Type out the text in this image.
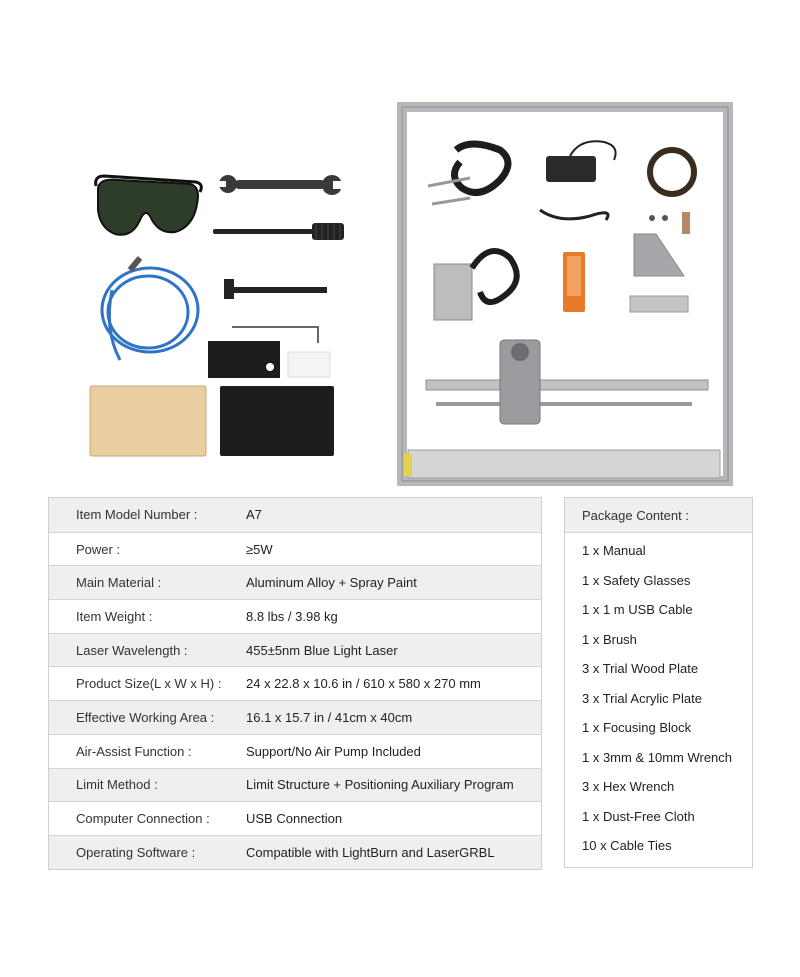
Item Model Number :	A7
Power :	≥5W
Main Material :	Aluminum Alloy + Spray Paint
Item Weight :	8.8 lbs / 3.98 kg
Laser Wavelength :	455±5nm Blue Light Laser
Product Size(L x W x H) :	24 x 22.8 x 10.6 in / 610 x 580 x 270 mm
Effective Working Area :	16.1 x 15.7 in / 41cm x 40cm
Air-Assist Function :	Support/No Air Pump Included
Limit Method :	Limit Structure + Positioning Auxiliary Program
Computer Connection :	USB Connection
Operating Software :	Compatible with LightBurn and LaserGRBL
Package Content :
1 x Manual
1 x Safety Glasses
1 x 1 m USB Cable
1 x Brush
3 x Trial Wood Plate
3 x Trial Acrylic Plate
1 x Focusing Block
1 x 3mm & 10mm Wrench
3 x Hex Wrench
1 x Dust-Free Cloth
10 x Cable Ties
